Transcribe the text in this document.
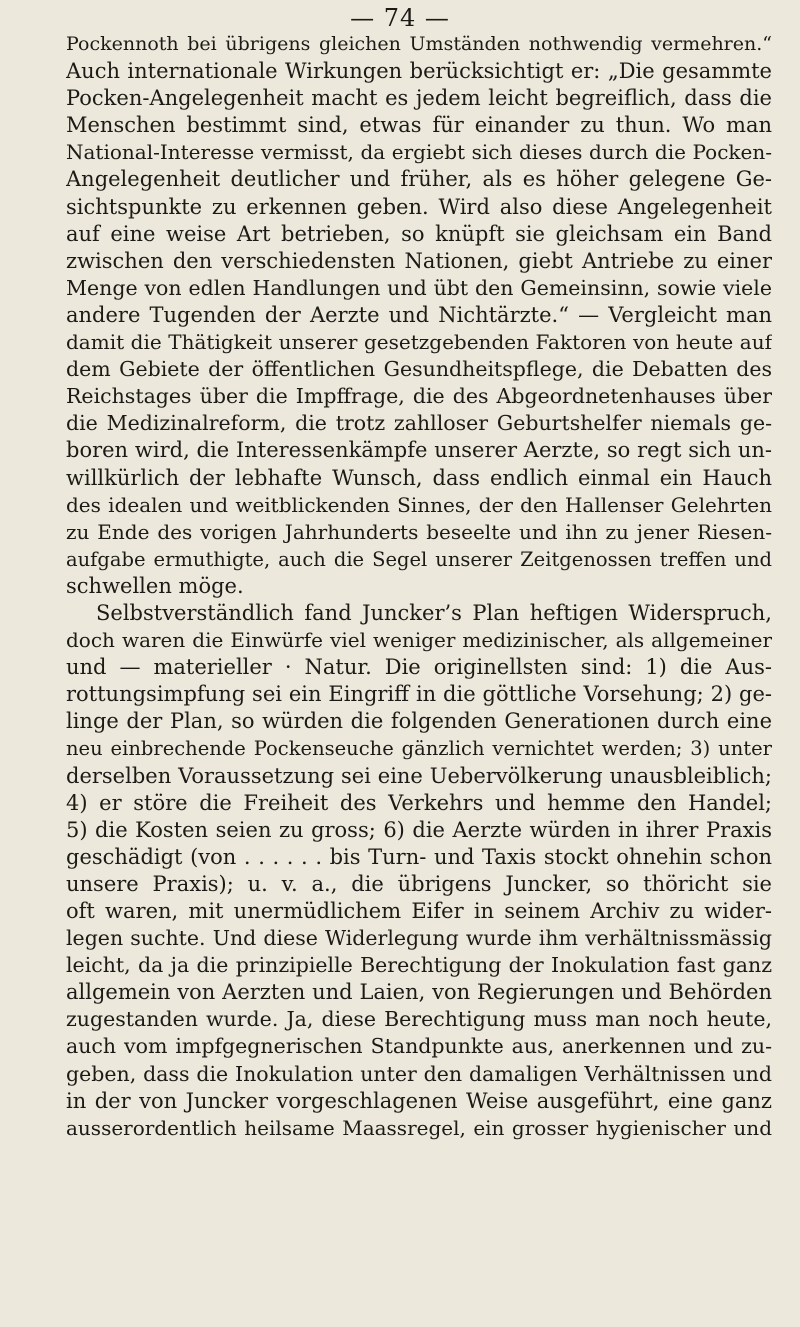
— 74 —
Pockennoth bei übrigens gleichen Umständen nothwendig vermehren.“
Auch internationale Wirkungen berücksichtigt er: „Die gesammte
Pocken-Angelegenheit macht es jedem leicht begreiflich, dass die
Menschen bestimmt sind, etwas für einander zu thun. Wo man
National-Interesse vermisst, da ergiebt sich dieses durch die Pocken-
Angelegenheit deutlicher und früher, als es höher gelegene Ge-
sichtspunkte zu erkennen geben. Wird also diese Angelegenheit
auf eine weise Art betrieben, so knüpft sie gleichsam ein Band
zwischen den verschiedensten Nationen, giebt Antriebe zu einer
Menge von edlen Handlungen und übt den Gemeinsinn, sowie viele
andere Tugenden der Aerzte und Nichtärzte.“ — Vergleicht man
damit die Thätigkeit unserer gesetzgebenden Faktoren von heute auf
dem Gebiete der öffentlichen Gesundheitspflege, die Debatten des
Reichstages über die Impffrage, die des Abgeordnetenhauses über
die Medizinalreform, die trotz zahlloser Geburtshelfer niemals ge-
boren wird, die Interessenkämpfe unserer Aerzte, so regt sich un-
willkürlich der lebhafte Wunsch, dass endlich einmal ein Hauch
des idealen und weitblickenden Sinnes, der den Hallenser Gelehrten
zu Ende des vorigen Jahrhunderts beseelte und ihn zu jener Riesen-
aufgabe ermuthigte, auch die Segel unserer Zeitgenossen treffen und
schwellen möge.
Selbstverständlich fand Juncker’s Plan heftigen Widerspruch,
doch waren die Einwürfe viel weniger medizinischer, als allgemeiner
und — materieller · Natur. Die originellsten sind: 1) die Aus-
rottungsimpfung sei ein Eingriff in die göttliche Vorsehung; 2) ge-
linge der Plan, so würden die folgenden Generationen durch eine
neu einbrechende Pockenseuche gänzlich vernichtet werden; 3) unter
derselben Voraussetzung sei eine Uebervölkerung unausbleiblich;
4) er störe die Freiheit des Verkehrs und hemme den Handel;
5) die Kosten seien zu gross; 6) die Aerzte würden in ihrer Praxis
geschädigt (von . . . . . . bis Turn- und Taxis stockt ohnehin schon
unsere Praxis); u. v. a., die übrigens Juncker, so thöricht sie
oft waren, mit unermüdlichem Eifer in seinem Archiv zu wider-
legen suchte. Und diese Widerlegung wurde ihm verhältnissmässig
leicht, da ja die prinzipielle Berechtigung der Inokulation fast ganz
allgemein von Aerzten und Laien, von Regierungen und Behörden
zugestanden wurde. Ja, diese Berechtigung muss man noch heute,
auch vom impfgegnerischen Standpunkte aus, anerkennen und zu-
geben, dass die Inokulation unter den damaligen Verhältnissen und
in der von Juncker vorgeschlagenen Weise ausgeführt, eine ganz
ausserordentlich heilsame Maassregel, ein grosser hygienischer und
